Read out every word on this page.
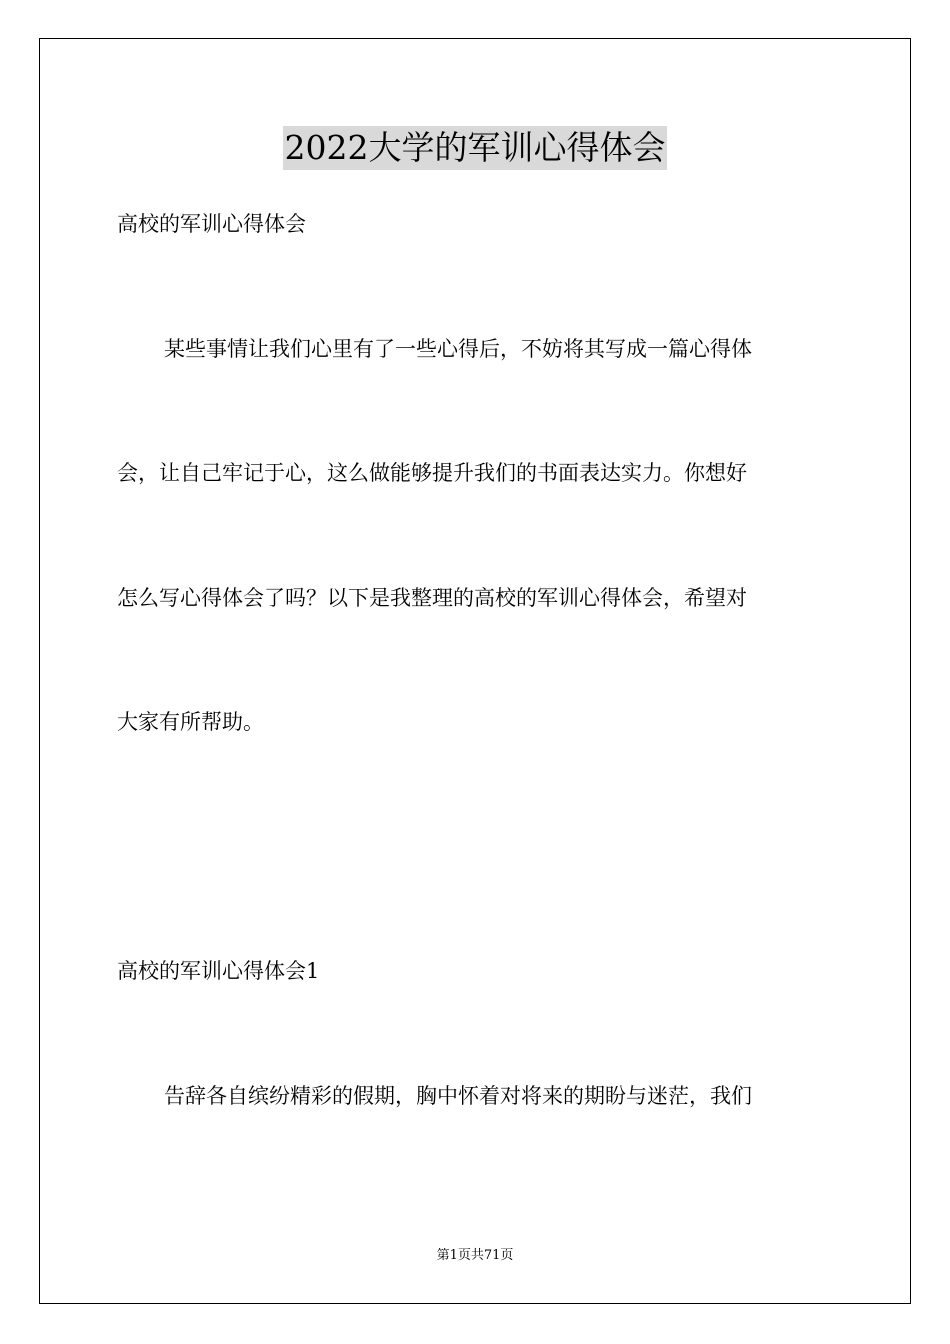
2022大学的军训心得体会
高校的军训心得体会
某些事情让我们心里有了一些心得后，不妨将其写成一篇心得体
会，让自己牢记于心，这么做能够提升我们的书面表达实力。你想好
怎么写心得体会了吗？以下是我整理的高校的军训心得体会，希望对
大家有所帮助。
高校的军训心得体会1
告辞各自缤纷精彩的假期，胸中怀着对将来的期盼与迷茫，我们
第1页共71页
